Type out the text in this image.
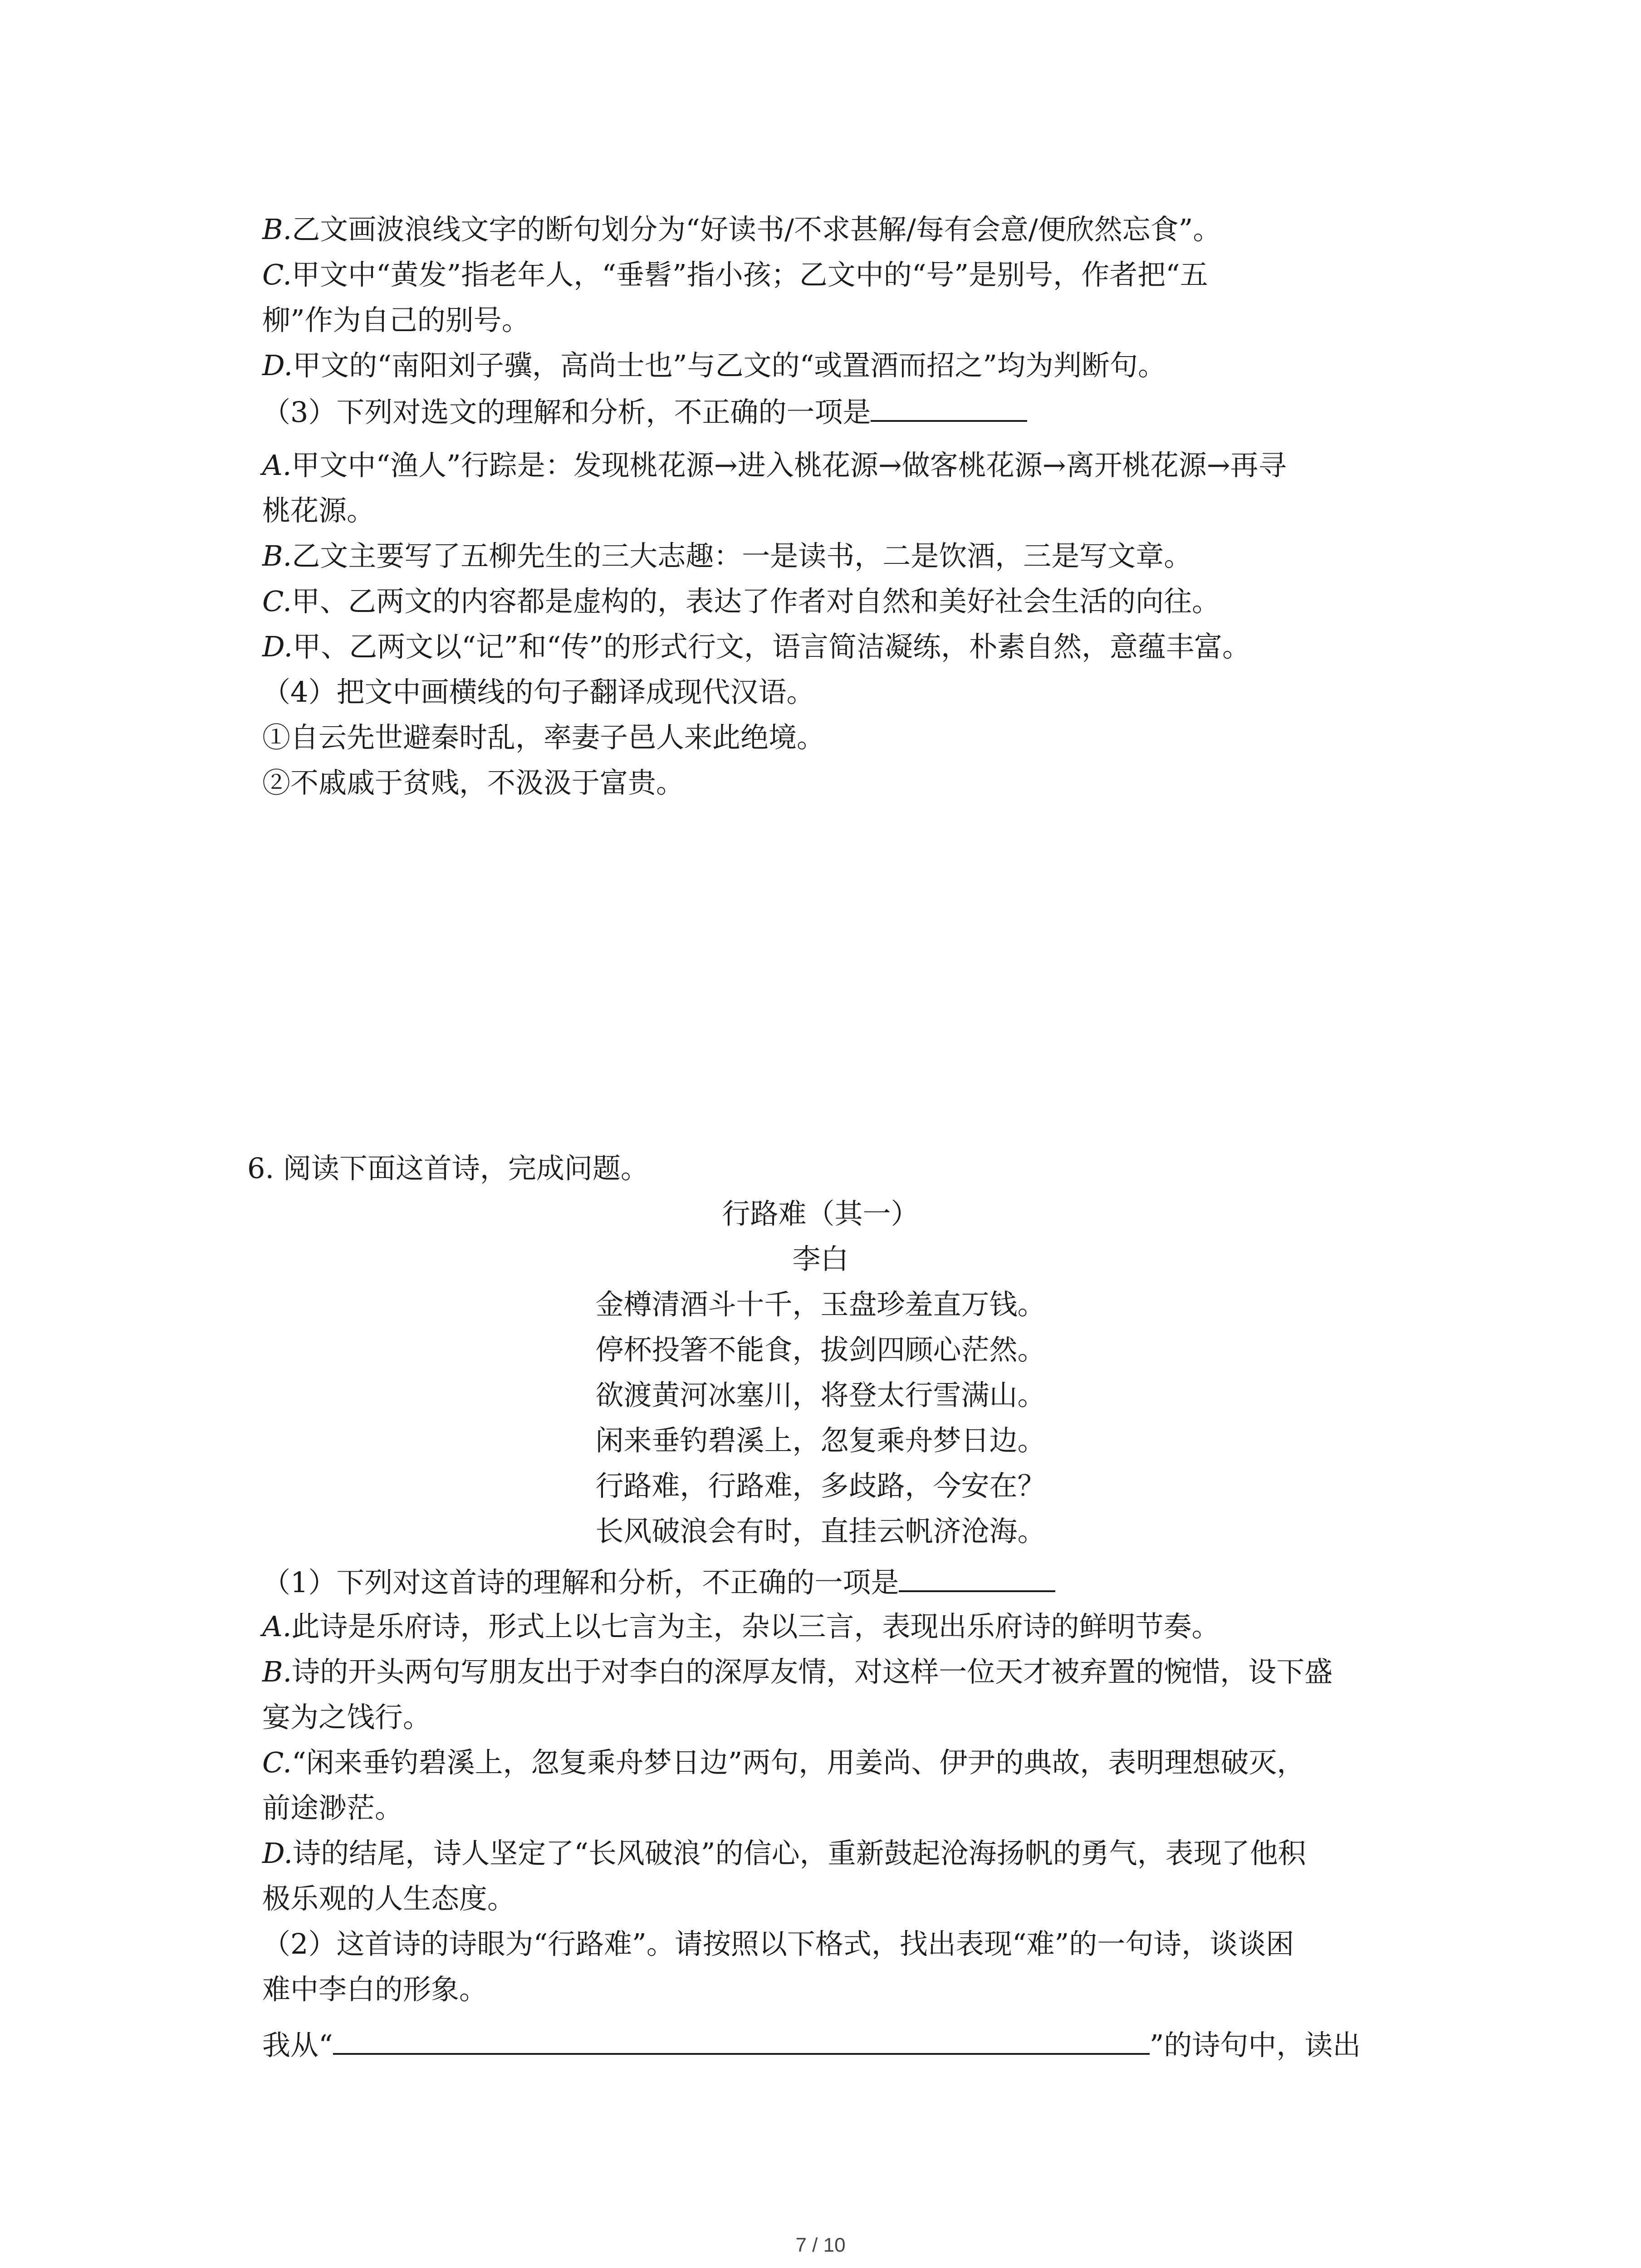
B.乙文画波浪线文字的断句划分为“好读书/不求甚解/每有会意/便欣然忘食”。
C.甲文中“黄发”指老年人，“垂髫”指小孩；乙文中的“号”是别号，作者把“五
柳”作为自己的别号。
D.甲文的“南阳刘子骥，高尚士也”与乙文的“或置酒而招之”均为判断句。
（3）下列对选文的理解和分析，不正确的一项是
A.甲文中“渔人”行踪是：发现桃花源→进入桃花源→做客桃花源→离开桃花源→再寻
桃花源。
B.乙文主要写了五柳先生的三大志趣：一是读书，二是饮酒，三是写文章。
C.甲、乙两文的内容都是虚构的，表达了作者对自然和美好社会生活的向往。
D.甲、乙两文以“记”和“传”的形式行文，语言简洁凝练，朴素自然，意蕴丰富。
（4）把文中画横线的句子翻译成现代汉语。
①自云先世避秦时乱，率妻子邑人来此绝境。
②不戚戚于贫贱，不汲汲于富贵。
6. 阅读下面这首诗，完成问题。
行路难（其一）
李白
金樽清酒斗十千，玉盘珍羞直万钱。
停杯投箸不能食，拔剑四顾心茫然。
欲渡黄河冰塞川，将登太行雪满山。
闲来垂钓碧溪上，忽复乘舟梦日边。
行路难，行路难，多歧路，今安在？
长风破浪会有时，直挂云帆济沧海。
（1）下列对这首诗的理解和分析，不正确的一项是
A.此诗是乐府诗，形式上以七言为主，杂以三言，表现出乐府诗的鲜明节奏。
B.诗的开头两句写朋友出于对李白的深厚友情，对这样一位天才被弃置的惋惜，设下盛
宴为之饯行。
C.“闲来垂钓碧溪上，忽复乘舟梦日边”两句，用姜尚、伊尹的典故，表明理想破灭，
前途渺茫。
D.诗的结尾，诗人坚定了“长风破浪”的信心，重新鼓起沧海扬帆的勇气，表现了他积
极乐观的人生态度。
（2）这首诗的诗眼为“行路难”。请按照以下格式，找出表现“难”的一句诗，谈谈困
难中李白的形象。
我从“	”的诗句中，读出
7 / 10
